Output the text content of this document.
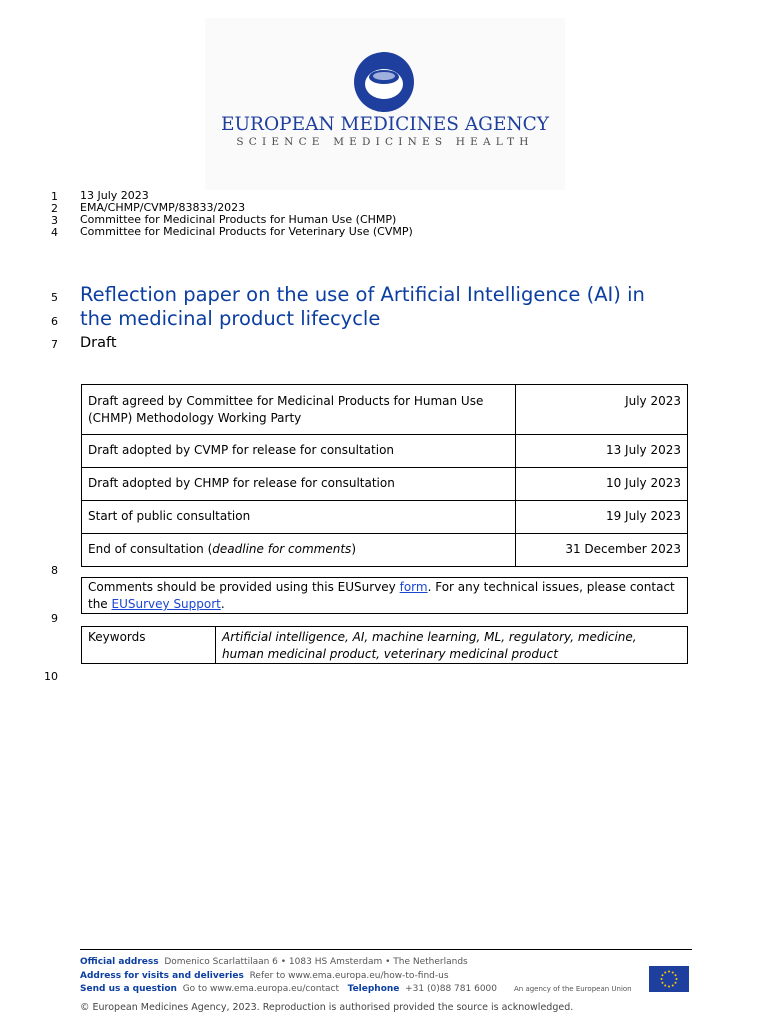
EUROPEAN MEDICINES AGENCY
SCIENCE MEDICINES HEALTH
1
2
3
4
5
6
7
8
9
10
13 July 2023
EMA/CHMP/CVMP/83833/2023
Committee for Medicinal Products for Human Use (CHMP)
Committee for Medicinal Products for Veterinary Use (CVMP)
Reflection paper on the use of Artificial Intelligence (AI) in
the medicinal product lifecycle
Draft
Draft agreed by Committee for Medicinal Products for Human Use (CHMP) Methodology Working Party	July 2023
Draft adopted by CVMP for release for consultation	13 July 2023
Draft adopted by CHMP for release for consultation	10 July 2023
Start of public consultation	19 July 2023
End of consultation (deadline for comments)	31 December 2023
Comments should be provided using this EUSurvey form. For any technical issues, please contact the EUSurvey Support.
Keywords	Artificial intelligence, AI, machine learning, ML, regulatory, medicine, human medicinal product, veterinary medicinal product
Official address Domenico Scarlattilaan 6 • 1083 HS Amsterdam • The Netherlands
Address for visits and deliveries Refer to www.ema.europa.eu/how-to-find-us
Send us a question Go to www.ema.europa.eu/contact Telephone +31 (0)88 781 6000 An agency of the European Union
© European Medicines Agency, 2023. Reproduction is authorised provided the source is acknowledged.
